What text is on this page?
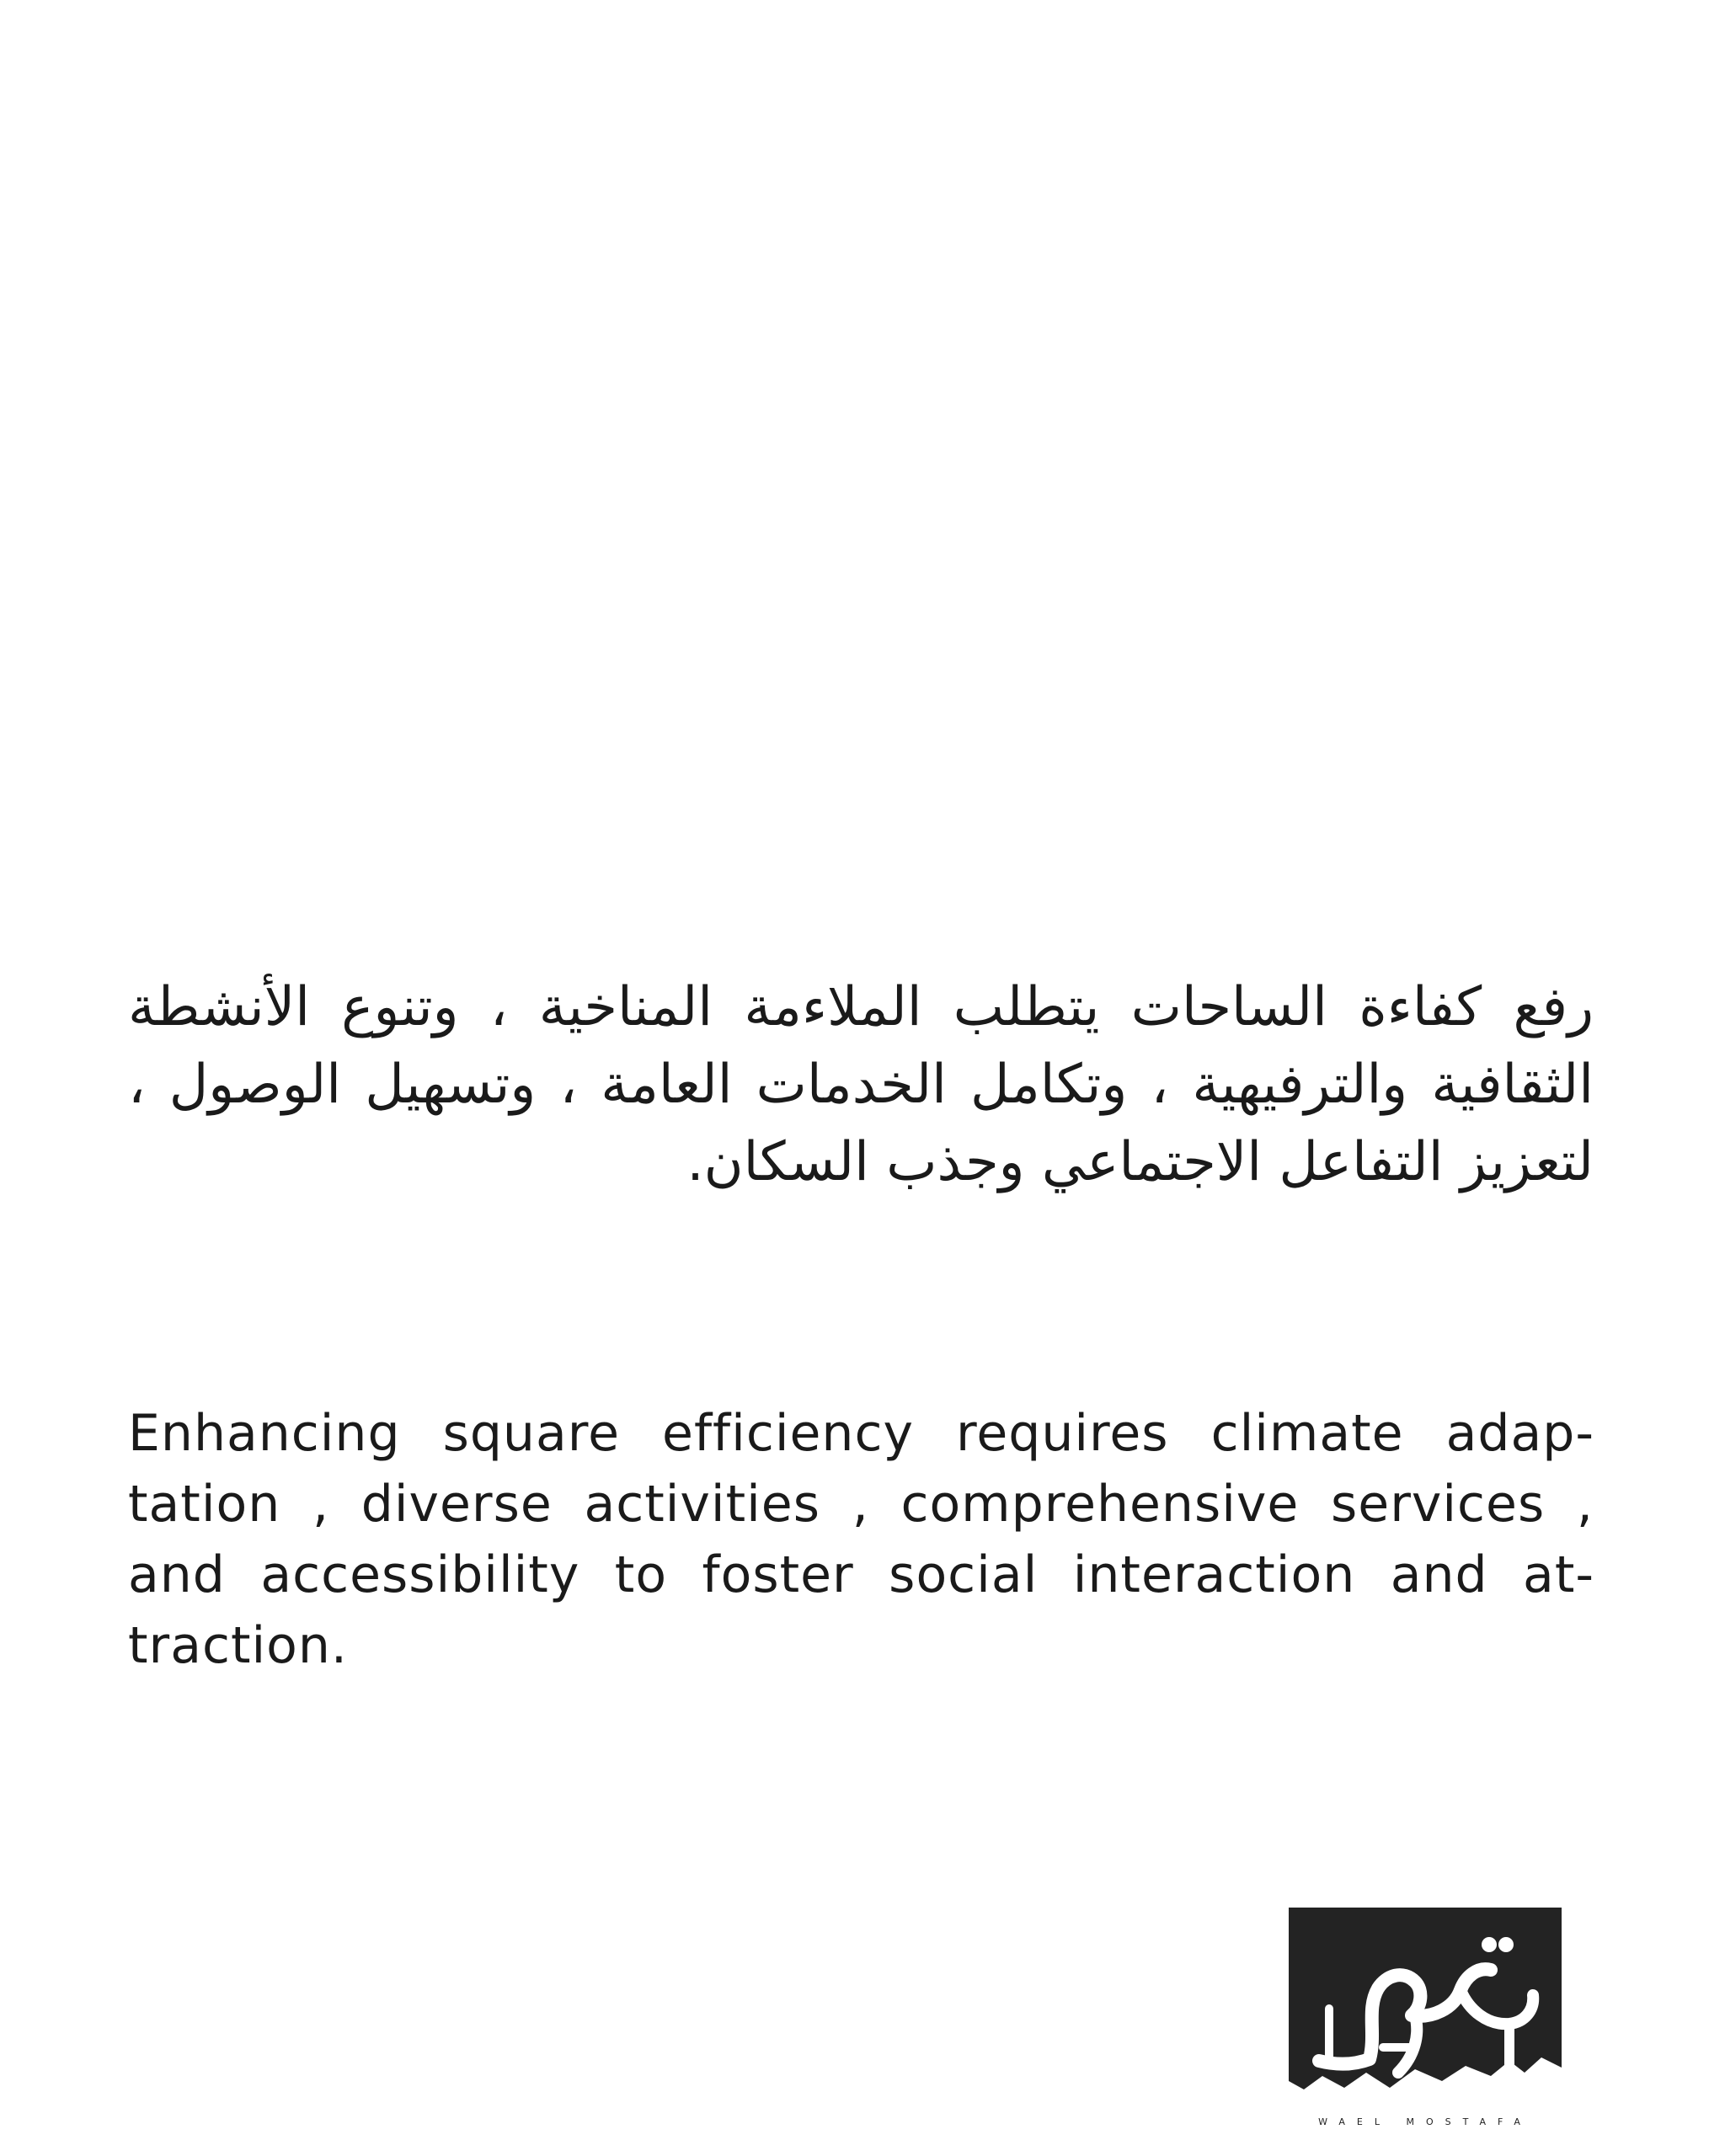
رفع كفاءة الساحات يتطلب الملاءمة المناخية ، وتنوع الأنشطة الثقافية والترفيهية ، وتكامل الخدمات العامة ، وتسهيل الوصول ، لتعزيز التفاعل الاجتماعي وجذب السكان.
Enhancing square efficiency requires climate adaptation , diverse activities , comprehensive services , and accessibility to foster social interaction and attraction.
WAEL MOSTAFA
